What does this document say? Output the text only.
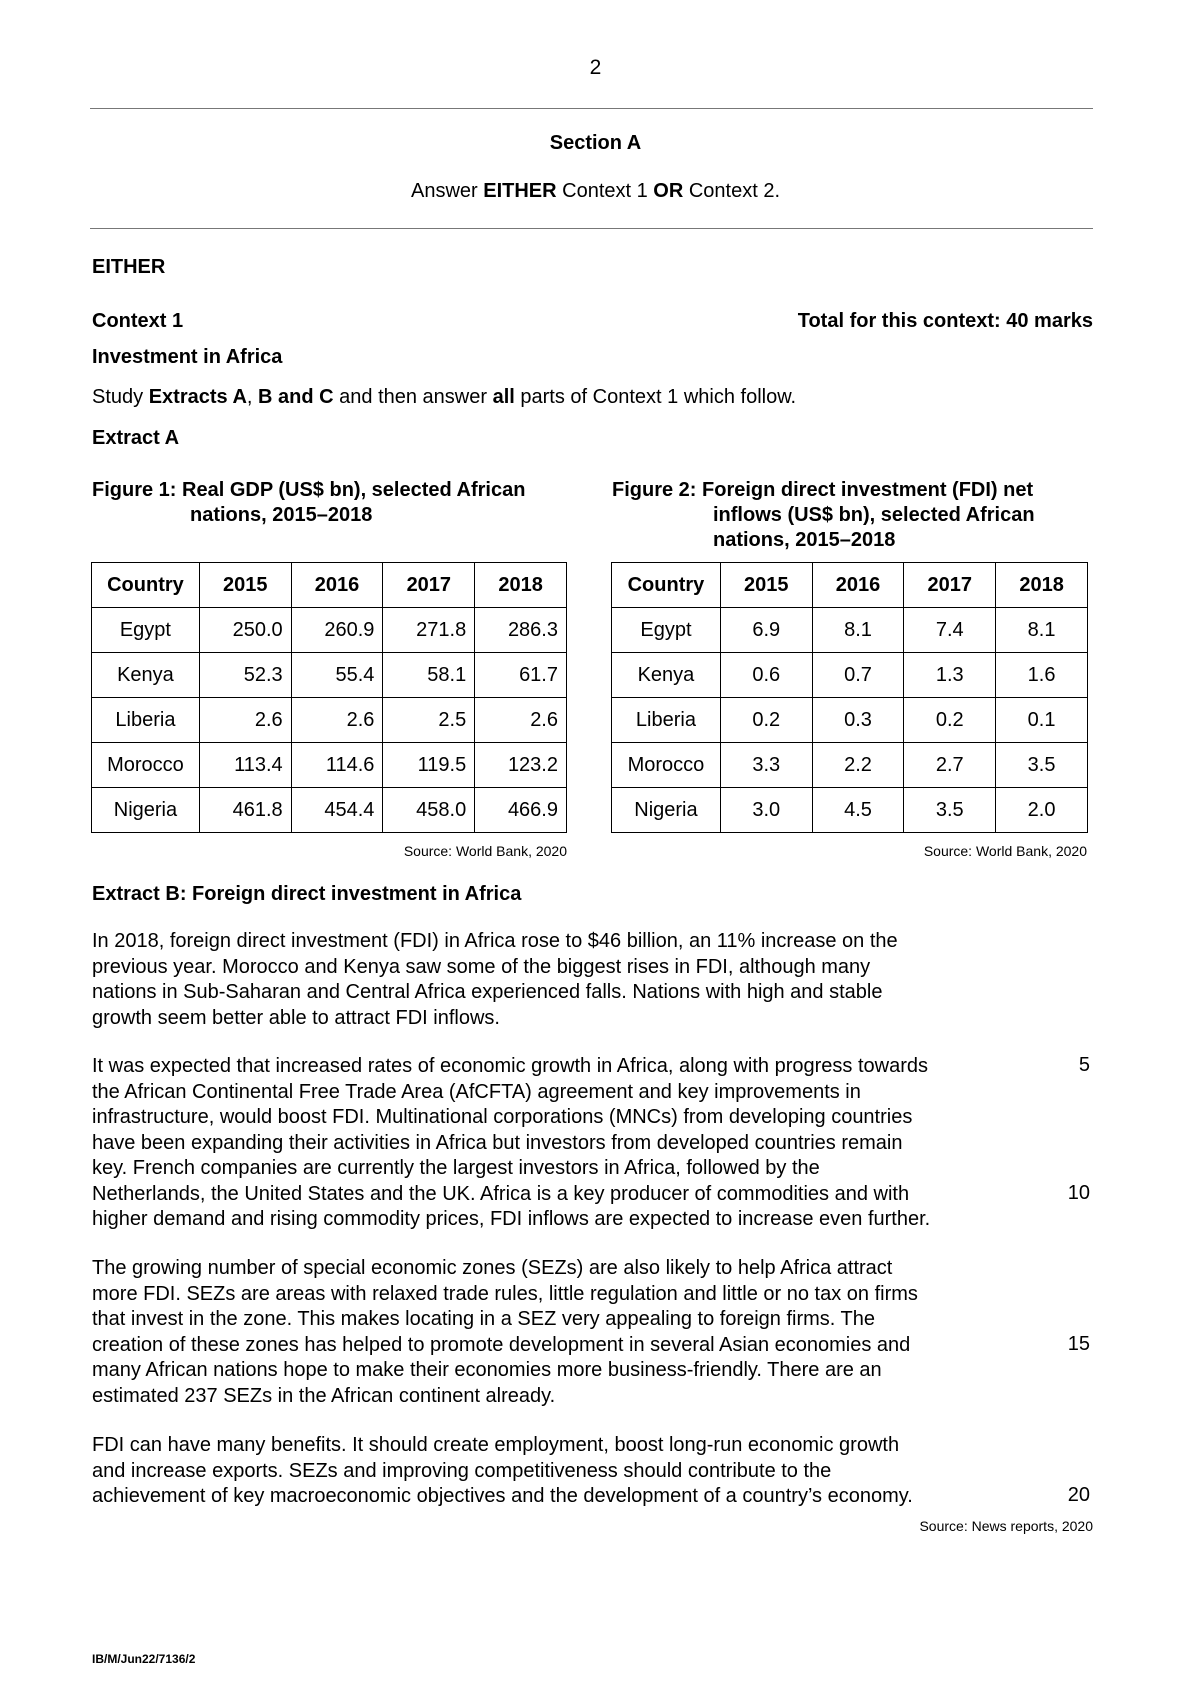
2
Section A
Answer EITHER Context 1 OR Context 2.
EITHER
Context 1	Total for this context: 40 marks
Investment in Africa
Study Extracts A, B and C and then answer all parts of Context 1 which follow.
Extract A
Figure 1: Real GDP (US$ bn), selected African
nations, 2015–2018
Figure 2: Foreign direct investment (FDI) net
inflows (US$ bn), selected African
nations, 2015–2018
Country	2015	2016	2017	2018
Egypt	250.0	260.9	271.8	286.3
Kenya	52.3	55.4	58.1	61.7
Liberia	2.6	2.6	2.5	2.6
Morocco	113.4	114.6	119.5	123.2
Nigeria	461.8	454.4	458.0	466.9
Source: World Bank, 2020
Country	2015	2016	2017	2018
Egypt	6.9	8.1	7.4	8.1
Kenya	0.6	0.7	1.3	1.6
Liberia	0.2	0.3	0.2	0.1
Morocco	3.3	2.2	2.7	3.5
Nigeria	3.0	4.5	3.5	2.0
Source: World Bank, 2020
Extract B: Foreign direct investment in Africa
In 2018, foreign direct investment (FDI) in Africa rose to $46 billion, an 11% increase on the
previous year. Morocco and Kenya saw some of the biggest rises in FDI, although many
nations in Sub-Saharan and Central Africa experienced falls. Nations with high and stable
growth seem better able to attract FDI inflows.
It was expected that increased rates of economic growth in Africa, along with progress towards
the African Continental Free Trade Area (AfCFTA) agreement and key improvements in
infrastructure, would boost FDI. Multinational corporations (MNCs) from developing countries
have been expanding their activities in Africa but investors from developed countries remain
key. French companies are currently the largest investors in Africa, followed by the
Netherlands, the United States and the UK. Africa is a key producer of commodities and with
higher demand and rising commodity prices, FDI inflows are expected to increase even further.
The growing number of special economic zones (SEZs) are also likely to help Africa attract
more FDI. SEZs are areas with relaxed trade rules, little regulation and little or no tax on firms
that invest in the zone. This makes locating in a SEZ very appealing to foreign firms. The
creation of these zones has helped to promote development in several Asian economies and
many African nations hope to make their economies more business-friendly. There are an
estimated 237 SEZs in the African continent already.
FDI can have many benefits. It should create employment, boost long-run economic growth
and increase exports. SEZs and improving competitiveness should contribute to the
achievement of key macroeconomic objectives and the development of a country’s economy.
5
10
15
20
Source: News reports, 2020
IB/M/Jun22/7136/2
